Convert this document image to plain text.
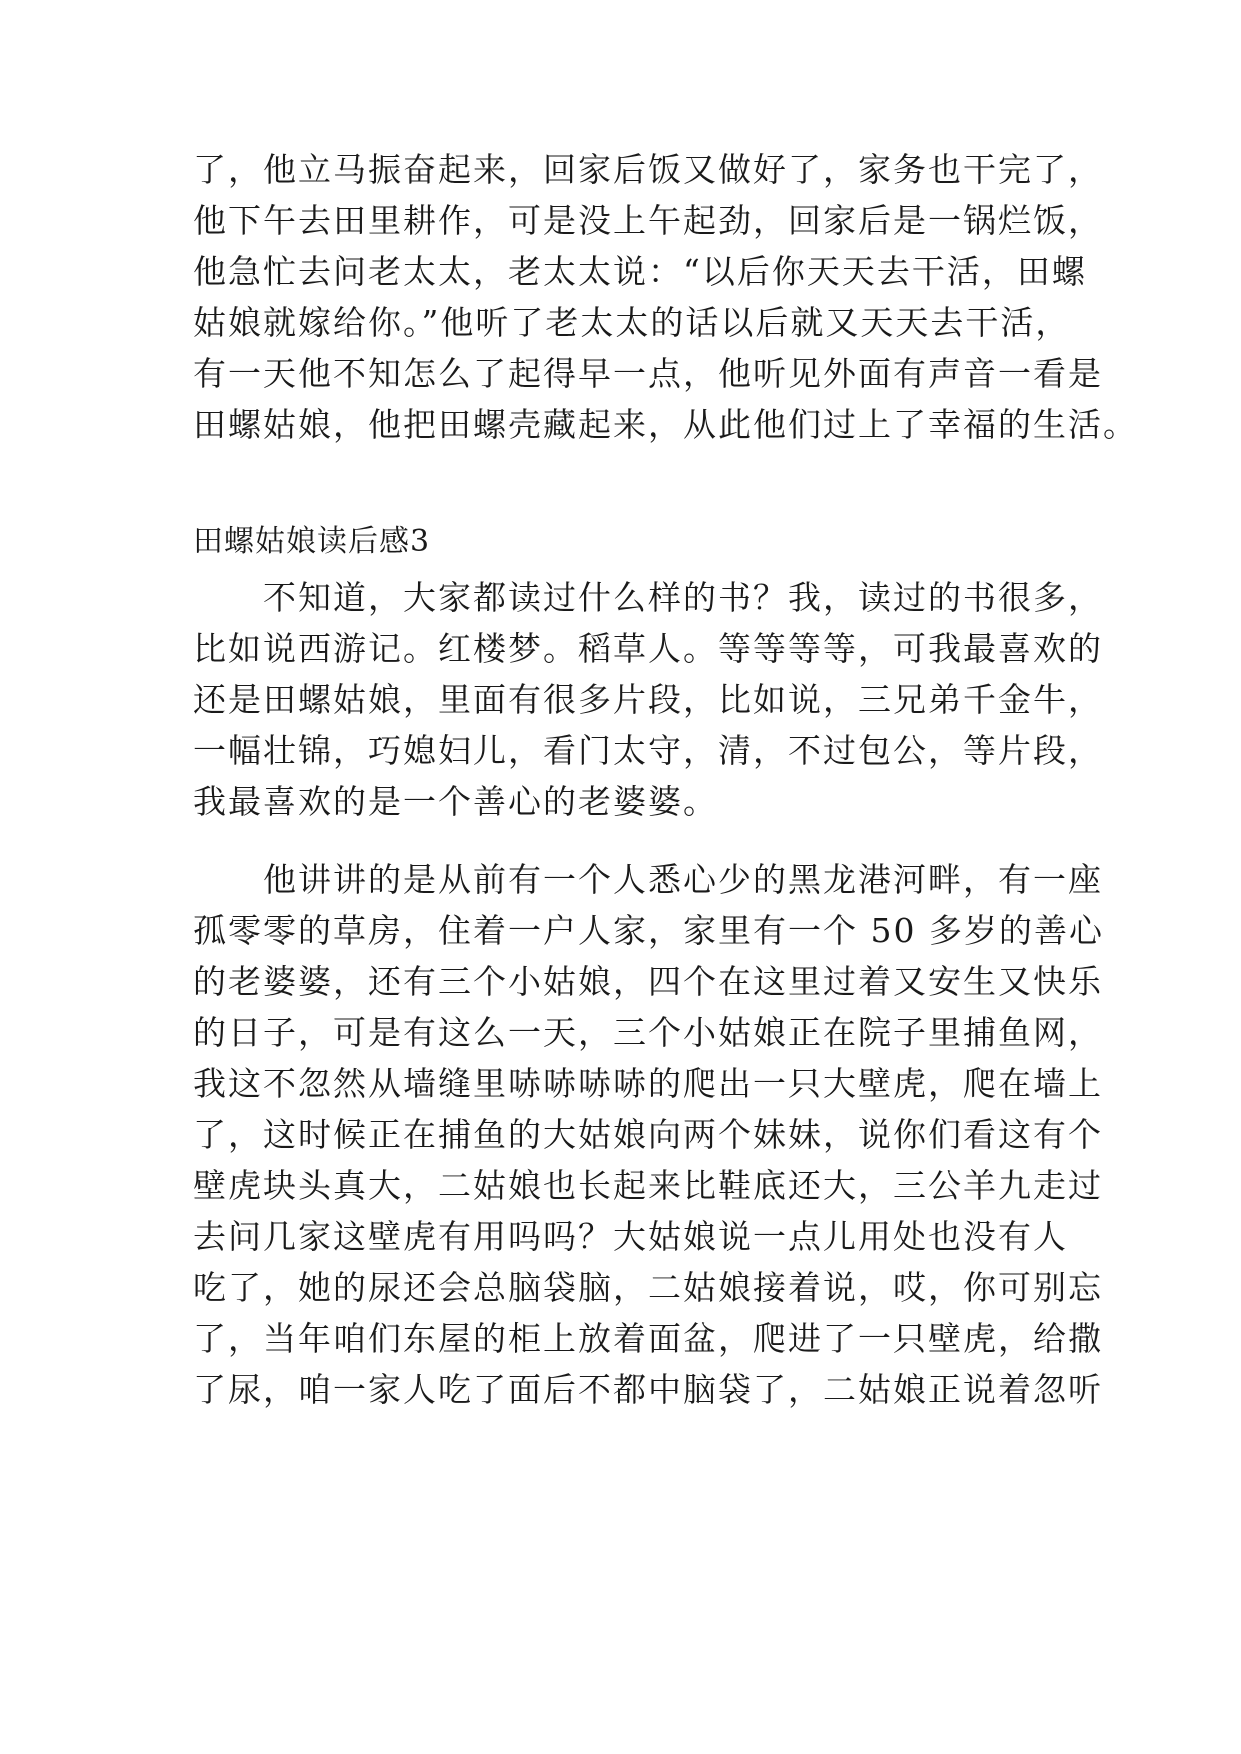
了，他立马振奋起来，回家后饭又做好了，家务也干完了，
他下午去田里耕作，可是没上午起劲，回家后是一锅烂饭，
他急忙去问老太太，老太太说：“以后你天天去干活，田螺
姑娘就嫁给你。”他听了老太太的话以后就又天天去干活，
有一天他不知怎么了起得早一点，他听见外面有声音一看是
田螺姑娘，他把田螺壳藏起来，从此他们过上了幸福的生活。
田螺姑娘读后感3
　　不知道，大家都读过什么样的书？我，读过的书很多，
比如说西游记。红楼梦。稻草人。等等等等，可我最喜欢的
还是田螺姑娘，里面有很多片段，比如说，三兄弟千金牛，
一幅壮锦，巧媳妇儿，看门太守，清，不过包公，等片段，
我最喜欢的是一个善心的老婆婆。
　　他讲讲的是从前有一个人悉心少的黑龙港河畔，有一座
孤零零的草房，住着一户人家，家里有一个 50 多岁的善心
的老婆婆，还有三个小姑娘，四个在这里过着又安生又快乐
的日子，可是有这么一天，三个小姑娘正在院子里捕鱼网，
我这不忽然从墙缝里哧哧哧哧的爬出一只大壁虎，爬在墙上
了，这时候正在捕鱼的大姑娘向两个妹妹，说你们看这有个
壁虎块头真大，二姑娘也长起来比鞋底还大，三公羊九走过
去问几家这壁虎有用吗吗？大姑娘说一点儿用处也没有人
吃了，她的尿还会总脑袋脑，二姑娘接着说，哎，你可别忘
了，当年咱们东屋的柜上放着面盆，爬进了一只壁虎，给撒
了尿，咱一家人吃了面后不都中脑袋了，二姑娘正说着忽听
